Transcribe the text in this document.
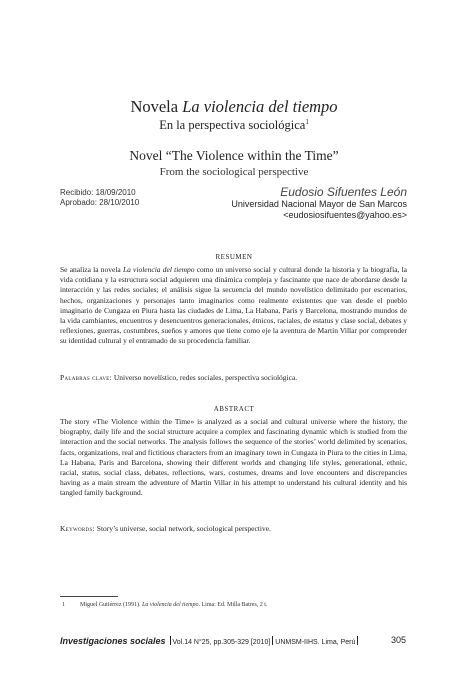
Novela La violencia del tiempo
En la perspectiva sociológica$^1$
Novel “The Violence within the Time”
From the sociological perspective
Recibido: 18/09/2010
Aprobado: 28/10/2010
Eudosio Sifuentes León
Universidad Nacional Mayor de San Marcos
<eudosiosifuentes@yahoo.es>
RESUMEN
Se analiza la novela La violencia del tiempo como un universo social y cultural donde la historia y la biografía, la vida cotidiana y la estructura social adquieren una dinámica compleja y fascinante que nace de abordarse desde la interacción y las redes sociales; el análisis sigue la secuencia del mundo novelístico delimitado por escenarios, hechos, organizaciones y personajes tanto imaginarios como realmente existentes que van desde el pueblo imaginario de Cungaza en Piura hasta las ciudades de Lima, La Habana, París y Barcelona, mostrando mundos de la vida cambiantes, encuentros y desencuentros generacionales, étnicos, raciales, de estatus y clase social, debates y reflexiones, guerras, costumbres, sueños y amores que tiene como eje la aventura de Martín Villar por comprender su identidad cultural y el entramado de su procedencia familiar.
Palabras clave: Universo novelístico, redes sociales, perspectiva sociológica.
ABSTRACT
The story «The Violence within the Time» is analyzed as a social and cultural universe where the history, the biography, daily life and the social structure acquire a complex and fascinating dynamic which is studied from the interaction and the social networks. The analysis follows the sequence of the stories’ world delimited by scenarios, facts, organizations, real and fictitious characters from an imaginary town in Cungaza in Piura to the cities in Lima, La Habana, Paris and Barcelona, showing their different worlds and changing life styles, generational, ethnic, racial, status, social class, debates, reflections, wars, costumes, dreams and love encounters and discrepancies having as a main stream the adventure of Martin Villar in his attempt to understand his cultural identity and his tangled family background.
Keywords: Story’s universe, social network, sociological perspective.
1	Miguel Gutiérrez (1991). La violencia del tiempo. Lima: Ed. Milla Batres, 2 t.
Investigaciones sociales Vol.14 N°25, pp.305-329 [2010] UNMSM-IIHS. Lima, Perú	305
